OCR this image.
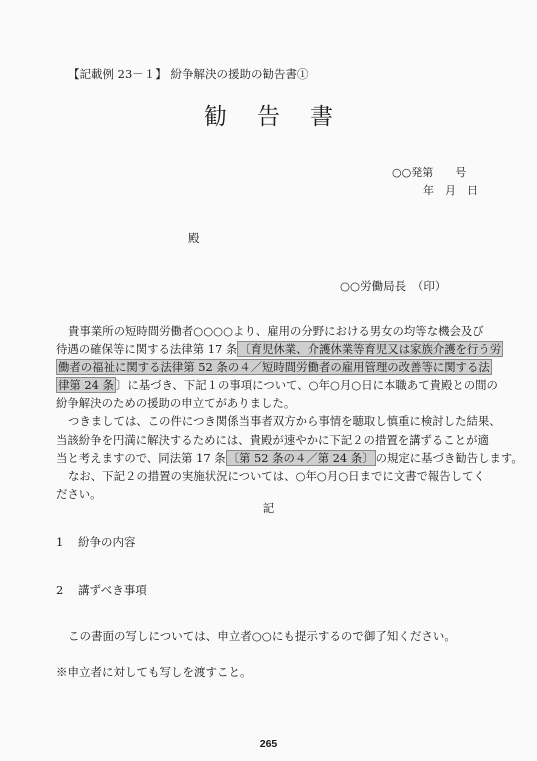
【記載例 23－１】 紛争解決の援助の勧告書①
勧告書
○○発第　　号
年　月　日
殿
○○労働局長　（印）

貴事業所の短時間労働者○○○○より、雇用の分野における男女の均等な機会及び

待遇の確保等に関する法律第 17 条 〔育児休業、介護休業等育児又は家族介護を行う労

働者の福祉に関する法律第 52 条の４／短時間労働者の雇用管理の改善等に関する法

律第 24 条 〕に基づき、下記１の事項について、○年○月○日に本職あて貴殿との間の

紛争解決のための援助の申立てがありました。

つきましては、この件につき関係当事者双方から事情を聴取し慎重に検討した結果、

当該紛争を円満に解決するためには、貴殿が速やかに下記２の措置を講ずることが適

当と考えますので、同法第 17 条 〔第 52 条の４／第 24 条〕 の規定に基づき勧告します。

なお、下記２の措置の実施状況については、○年○月○日までに文書で報告してく

ださい。

記
1 紛争の内容
2 講ずべき事項
この書面の写しについては、申立者○○にも提示するので御了知ください。
※申立者に対しても写しを渡すこと。
265
